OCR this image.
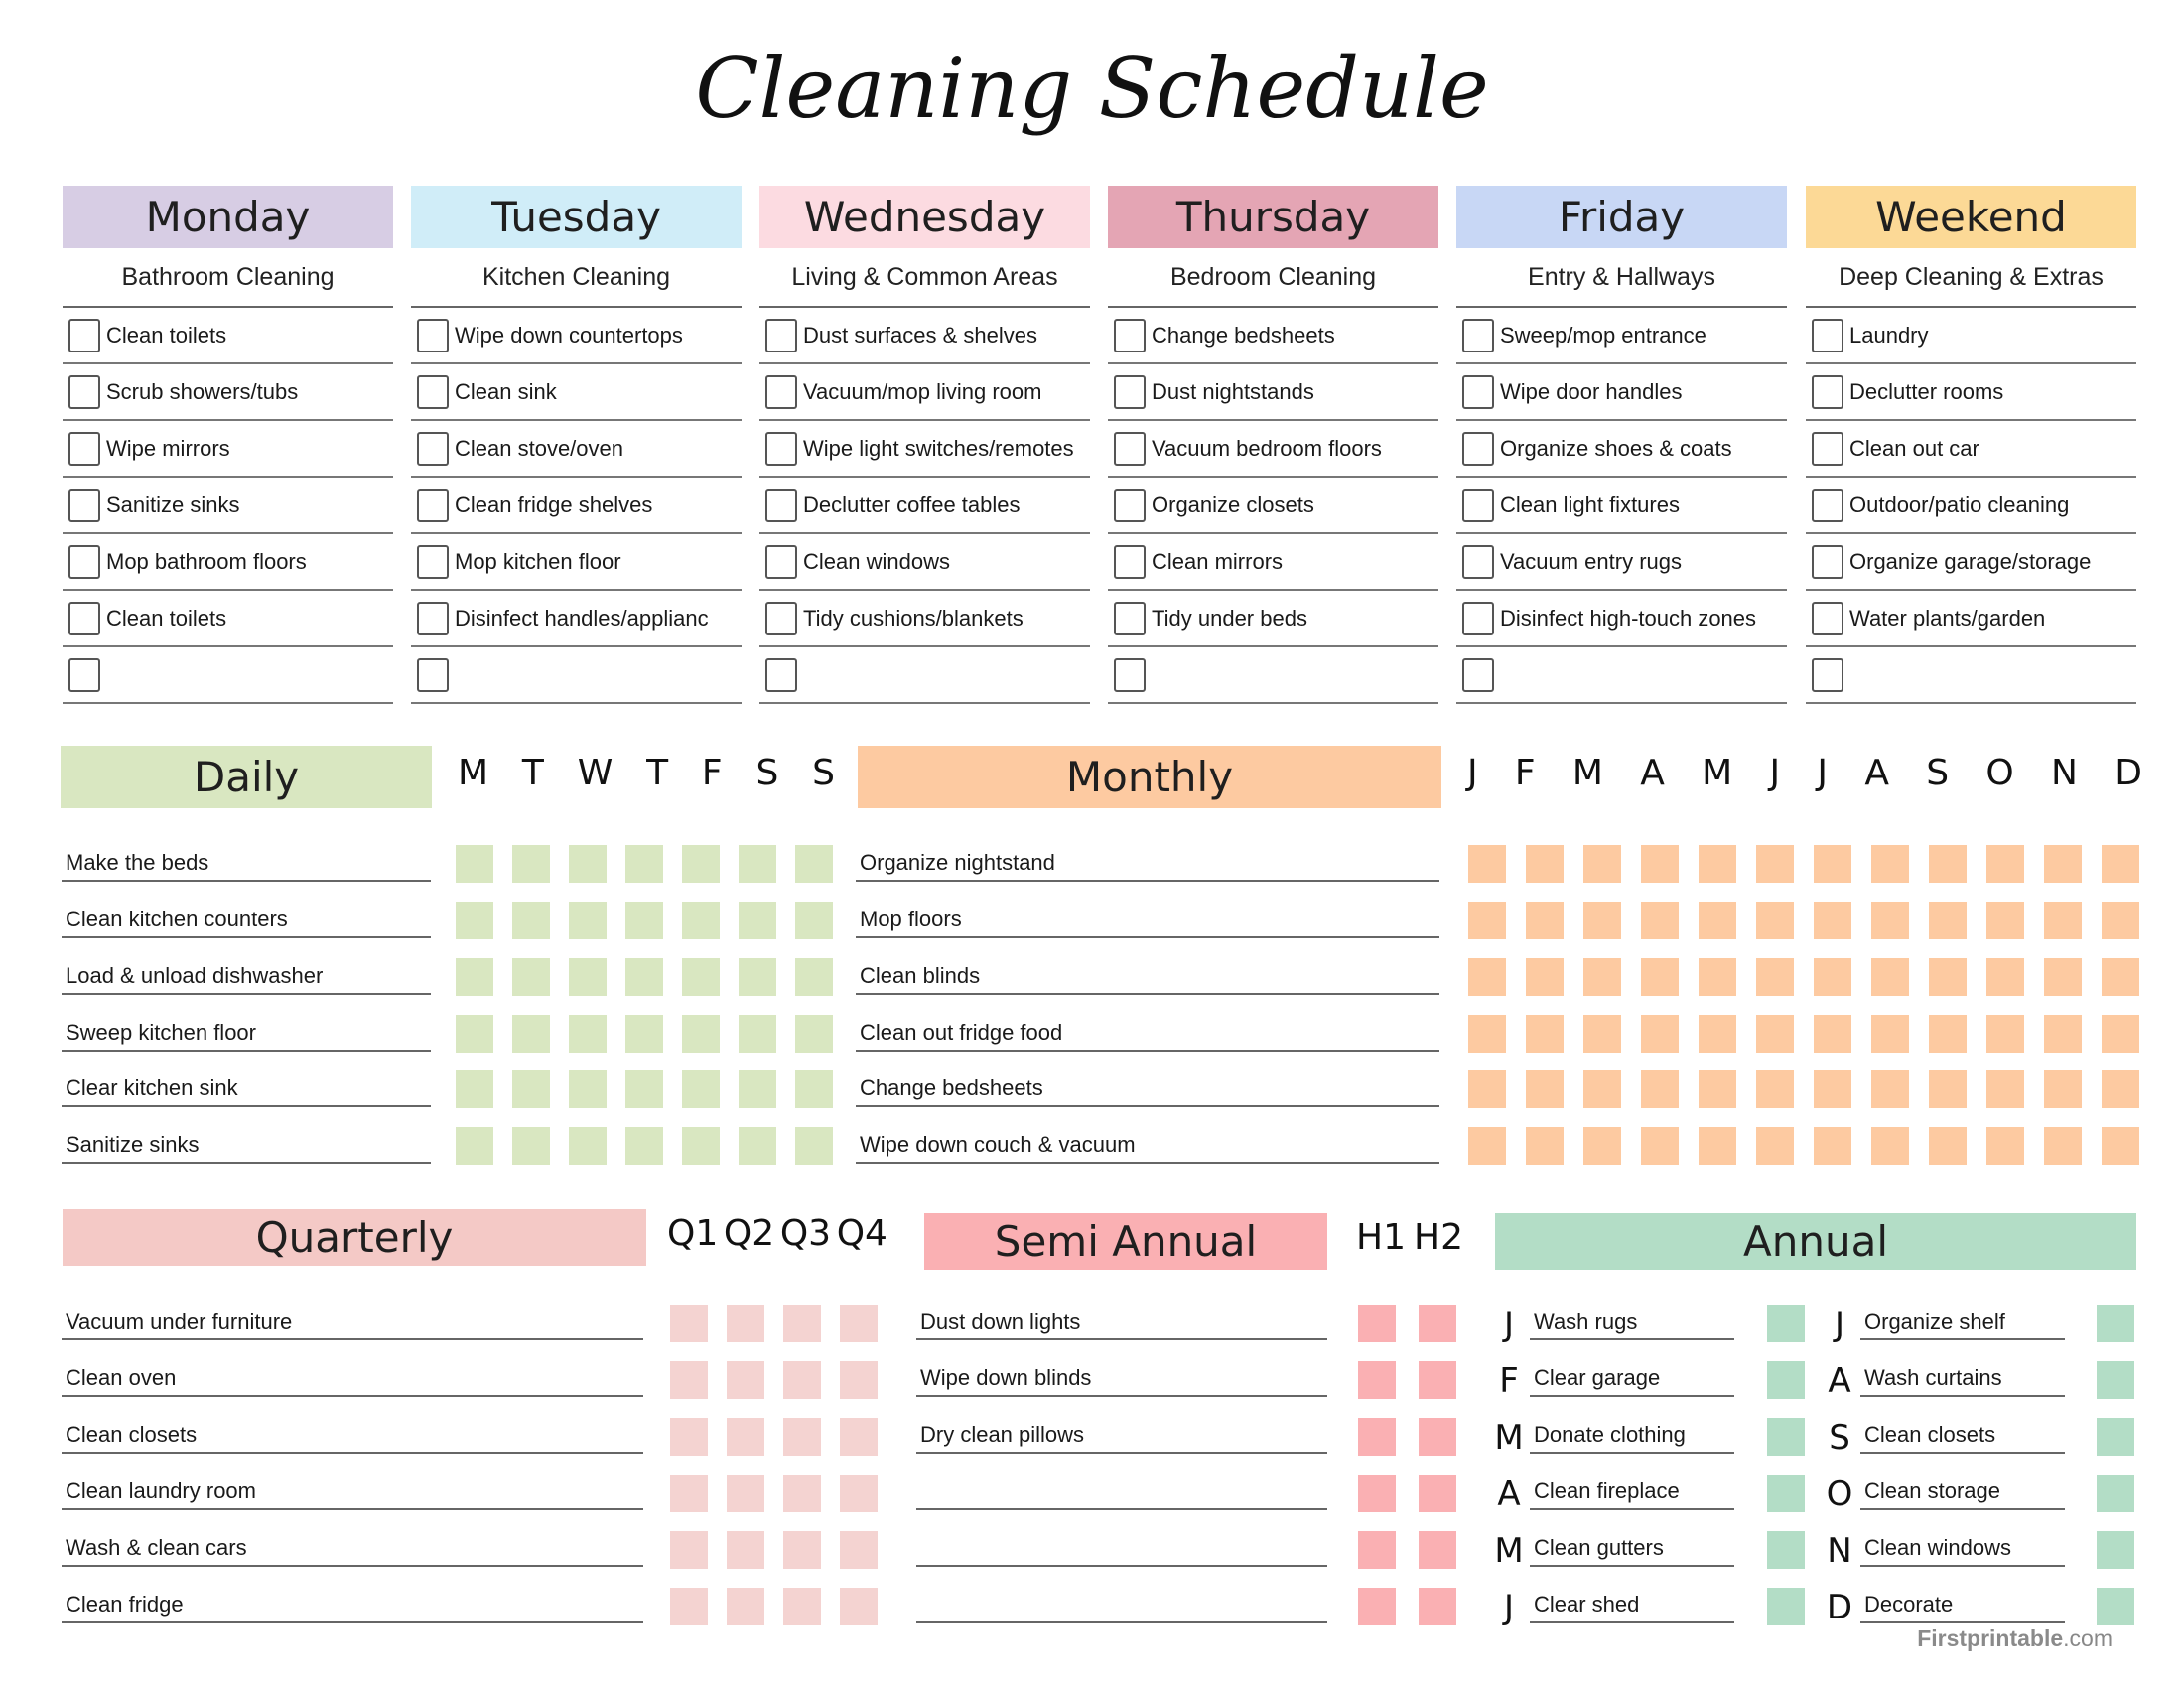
Cleaning Schedule
Monday
Bathroom Cleaning
Clean toilets
Scrub showers/tubs
Wipe mirrors
Sanitize sinks
Mop bathroom floors
Clean toilets
Tuesday
Kitchen Cleaning
Wipe down countertops
Clean sink
Clean stove/oven
Clean fridge shelves
Mop kitchen floor
Disinfect handles/applianc
Wednesday
Living & Common Areas
Dust surfaces & shelves
Vacuum/mop living room
Wipe light switches/remotes
Declutter coffee tables
Clean windows
Tidy cushions/blankets
Thursday
Bedroom Cleaning
Change bedsheets
Dust nightstands
Vacuum bedroom floors
Organize closets
Clean mirrors
Tidy under beds
Friday
Entry & Hallways
Sweep/mop entrance
Wipe door handles
Organize shoes & coats
Clean light fixtures
Vacuum entry rugs
Disinfect high-touch zones
Weekend
Deep Cleaning & Extras
Laundry
Declutter rooms
Clean out car
Outdoor/patio cleaning
Organize garage/storage
Water plants/garden
Daily	M T W T F S S	Monthly	J F M A M J J A S O N D
Quarterly	Q1 Q2 Q3 Q4	Semi Annual	H1 H2	Annual
Make the beds
Clean kitchen counters
Load & unload dishwasher
Sweep kitchen floor
Clear kitchen sink
Sanitize sinks
Organize nightstand
Mop floors
Clean blinds
Clean out fridge food
Change bedsheets
Wipe down couch & vacuum
Vacuum under furniture
Clean oven
Clean closets
Clean laundry room
Wash & clean cars
Clean fridge
Dust down lights
Wipe down blinds
Dry clean pillows
J Wash rugs
F Clear garage
M Donate clothing
A Clean fireplace
M Clean gutters
J Clear shed
J Organize shelf
A Wash curtains
S Clean closets
O Clean storage
N Clean windows
D Decorate
Firstprintable.com
